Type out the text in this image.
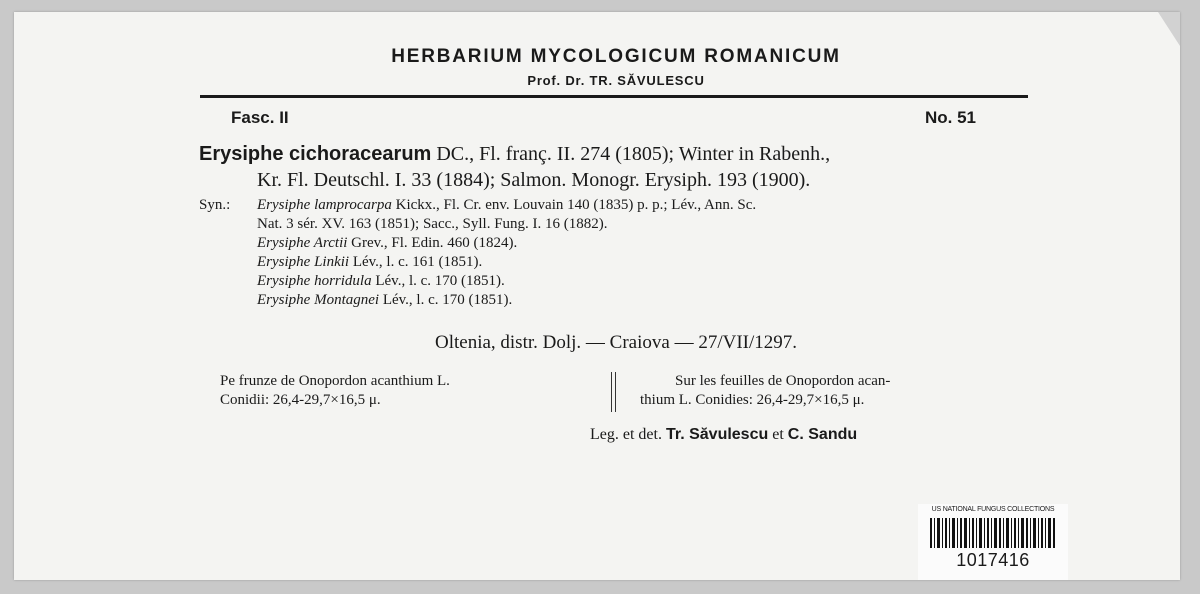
HERBARIUM MYCOLOGICUM ROMANICUM
Prof. Dr. TR. SĂVULESCU
Fasc. II	No. 51
Erysiphe cichoracearum DC., Fl. franç. II. 274 (1805); Winter in Rabenh.,
Kr. Fl. Deutschl. I. 33 (1884); Salmon. Monogr. Erysiph. 193 (1900).
Syn.: Erysiphe lamprocarpa Kickx., Fl. Cr. env. Louvain 140 (1835) p. p.; Lév., Ann. Sc.
Nat. 3 sér. XV. 163 (1851); Sacc., Syll. Fung. I. 16 (1882).
Erysiphe Arctii Grev., Fl. Edin. 460 (1824).
Erysiphe Linkii Lév., l. c. 161 (1851).
Erysiphe horridula Lév., l. c. 170 (1851).
Erysiphe Montagnei Lév., l. c. 170 (1851).
Oltenia, distr. Dolj. — Craiova — 27/VII/1297.
Pe frunze de Onopordon acanthium L.
Conidii: 26,4-29,7×16,5 μ.
Sur les feuilles de Onopordon acan-
thium L. Conidies: 26,4-29,7×16,5 μ.
Leg. et det. Tr. Săvulescu et C. Sandu
US NATIONAL FUNGUS COLLECTIONS
1017416
